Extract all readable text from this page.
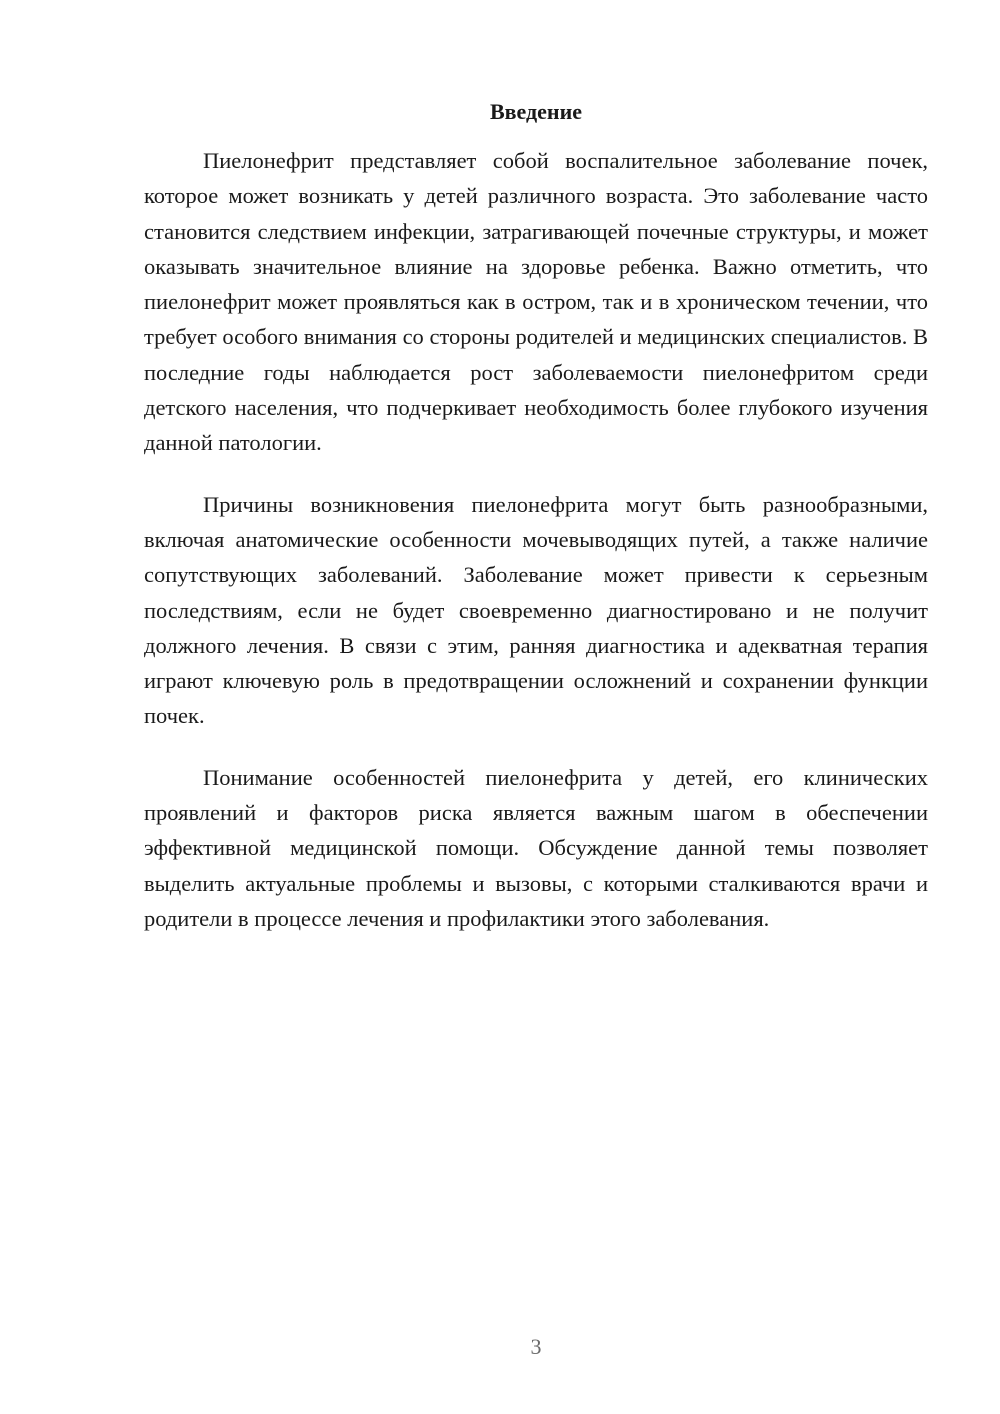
Введение

Пиелонефрит представляет собой воспалительное заболевание почек, которое может возникать у детей различного возраста. Это заболевание часто становится следствием инфекции, затрагивающей почечные структуры, и может оказывать значительное влияние на здоровье ребенка. Важно отметить, что пиелонефрит может проявляться как в остром, так и в хроническом течении, что требует особого внимания со стороны родителей и медицинских специалистов. В последние годы наблюдается рост заболеваемости пиелонефритом среди детского населения, что подчеркивает необходимость более глубокого изучения данной патологии.

Причины возникновения пиелонефрита могут быть разнообразными, включая анатомические особенности мочевыводящих путей, а также наличие сопутствующих заболеваний. Заболевание может привести к серьезным последствиям, если не будет своевременно диагностировано и не получит должного лечения. В связи с этим, ранняя диагностика и адекватная терапия играют ключевую роль в предотвращении осложнений и сохранении функции почек.

Понимание особенностей пиелонефрита у детей, его клинических проявлений и факторов риска является важным шагом в обеспечении эффективной медицинской помощи. Обсуждение данной темы позволяет выделить актуальные проблемы и вызовы, с которыми сталкиваются врачи и родители в процессе лечения и профилактики этого заболевания.

3
